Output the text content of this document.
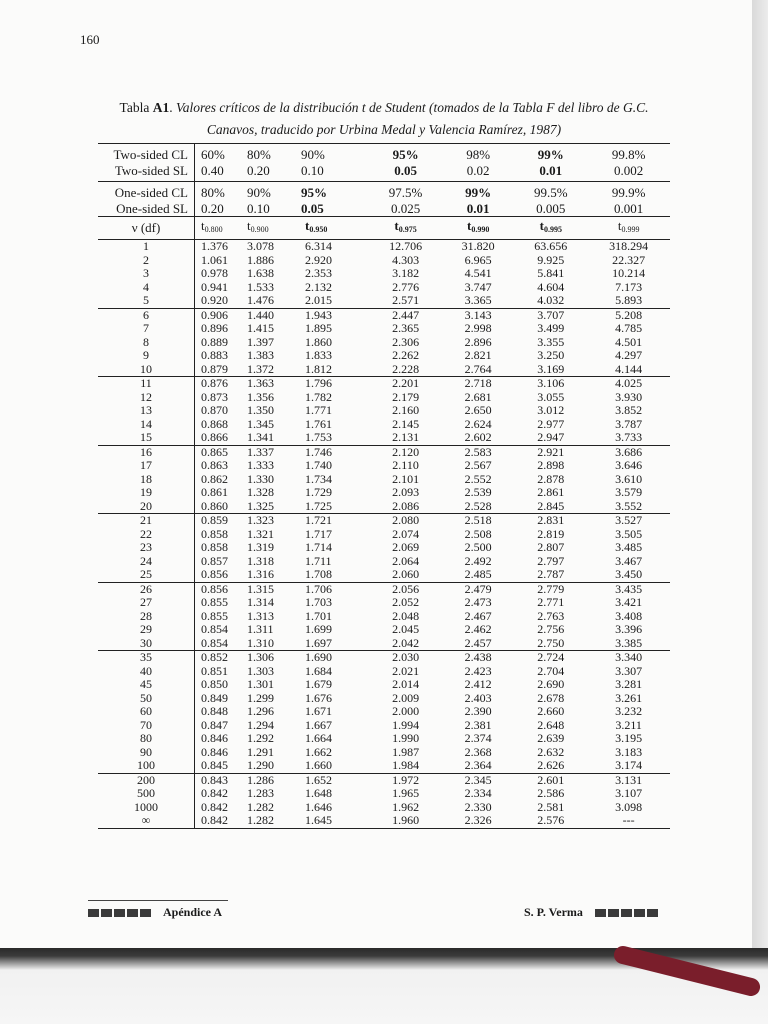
160
Tabla A1. Valores críticos de la distribución t de Student (tomados de la Tabla F del libro de G.C. Canavos, traducido por Urbina Medal y Valencia Ramírez, 1987)
Two-sided CL	60%	80%	90%	95%	98%	99%	99.8%
Two-sided SL	0.40	0.20	0.10	0.05	0.02	0.01	0.002
One-sided CL	80%	90%	95%	97.5%	99%	99.5%	99.9%
One-sided SL	0.20	0.10	0.05	0.025	0.01	0.005	0.001
ν (df)	$t_{0.800}$	$t_{0.900}$	$t_{0.950}$	$t_{0.975}$	$t_{0.990}$	$t_{0.995}$	$t_{0.999}$
1	1.376	3.078	6.314	12.706	31.820	63.656	318.294
2	1.061	1.886	2.920	4.303	6.965	9.925	22.327
3	0.978	1.638	2.353	3.182	4.541	5.841	10.214
4	0.941	1.533	2.132	2.776	3.747	4.604	7.173
5	0.920	1.476	2.015	2.571	3.365	4.032	5.893
6	0.906	1.440	1.943	2.447	3.143	3.707	5.208
7	0.896	1.415	1.895	2.365	2.998	3.499	4.785
8	0.889	1.397	1.860	2.306	2.896	3.355	4.501
9	0.883	1.383	1.833	2.262	2.821	3.250	4.297
10	0.879	1.372	1.812	2.228	2.764	3.169	4.144
11	0.876	1.363	1.796	2.201	2.718	3.106	4.025
12	0.873	1.356	1.782	2.179	2.681	3.055	3.930
13	0.870	1.350	1.771	2.160	2.650	3.012	3.852
14	0.868	1.345	1.761	2.145	2.624	2.977	3.787
15	0.866	1.341	1.753	2.131	2.602	2.947	3.733
16	0.865	1.337	1.746	2.120	2.583	2.921	3.686
17	0.863	1.333	1.740	2.110	2.567	2.898	3.646
18	0.862	1.330	1.734	2.101	2.552	2.878	3.610
19	0.861	1.328	1.729	2.093	2.539	2.861	3.579
20	0.860	1.325	1.725	2.086	2.528	2.845	3.552
21	0.859	1.323	1.721	2.080	2.518	2.831	3.527
22	0.858	1.321	1.717	2.074	2.508	2.819	3.505
23	0.858	1.319	1.714	2.069	2.500	2.807	3.485
24	0.857	1.318	1.711	2.064	2.492	2.797	3.467
25	0.856	1.316	1.708	2.060	2.485	2.787	3.450
26	0.856	1.315	1.706	2.056	2.479	2.779	3.435
27	0.855	1.314	1.703	2.052	2.473	2.771	3.421
28	0.855	1.313	1.701	2.048	2.467	2.763	3.408
29	0.854	1.311	1.699	2.045	2.462	2.756	3.396
30	0.854	1.310	1.697	2.042	2.457	2.750	3.385
35	0.852	1.306	1.690	2.030	2.438	2.724	3.340
40	0.851	1.303	1.684	2.021	2.423	2.704	3.307
45	0.850	1.301	1.679	2.014	2.412	2.690	3.281
50	0.849	1.299	1.676	2.009	2.403	2.678	3.261
60	0.848	1.296	1.671	2.000	2.390	2.660	3.232
70	0.847	1.294	1.667	1.994	2.381	2.648	3.211
80	0.846	1.292	1.664	1.990	2.374	2.639	3.195
90	0.846	1.291	1.662	1.987	2.368	2.632	3.183
100	0.845	1.290	1.660	1.984	2.364	2.626	3.174
200	0.843	1.286	1.652	1.972	2.345	2.601	3.131
500	0.842	1.283	1.648	1.965	2.334	2.586	3.107
1000	0.842	1.282	1.646	1.962	2.330	2.581	3.098
∞	0.842	1.282	1.645	1.960	2.326	2.576	---
Apéndice A	S. P. Verma
